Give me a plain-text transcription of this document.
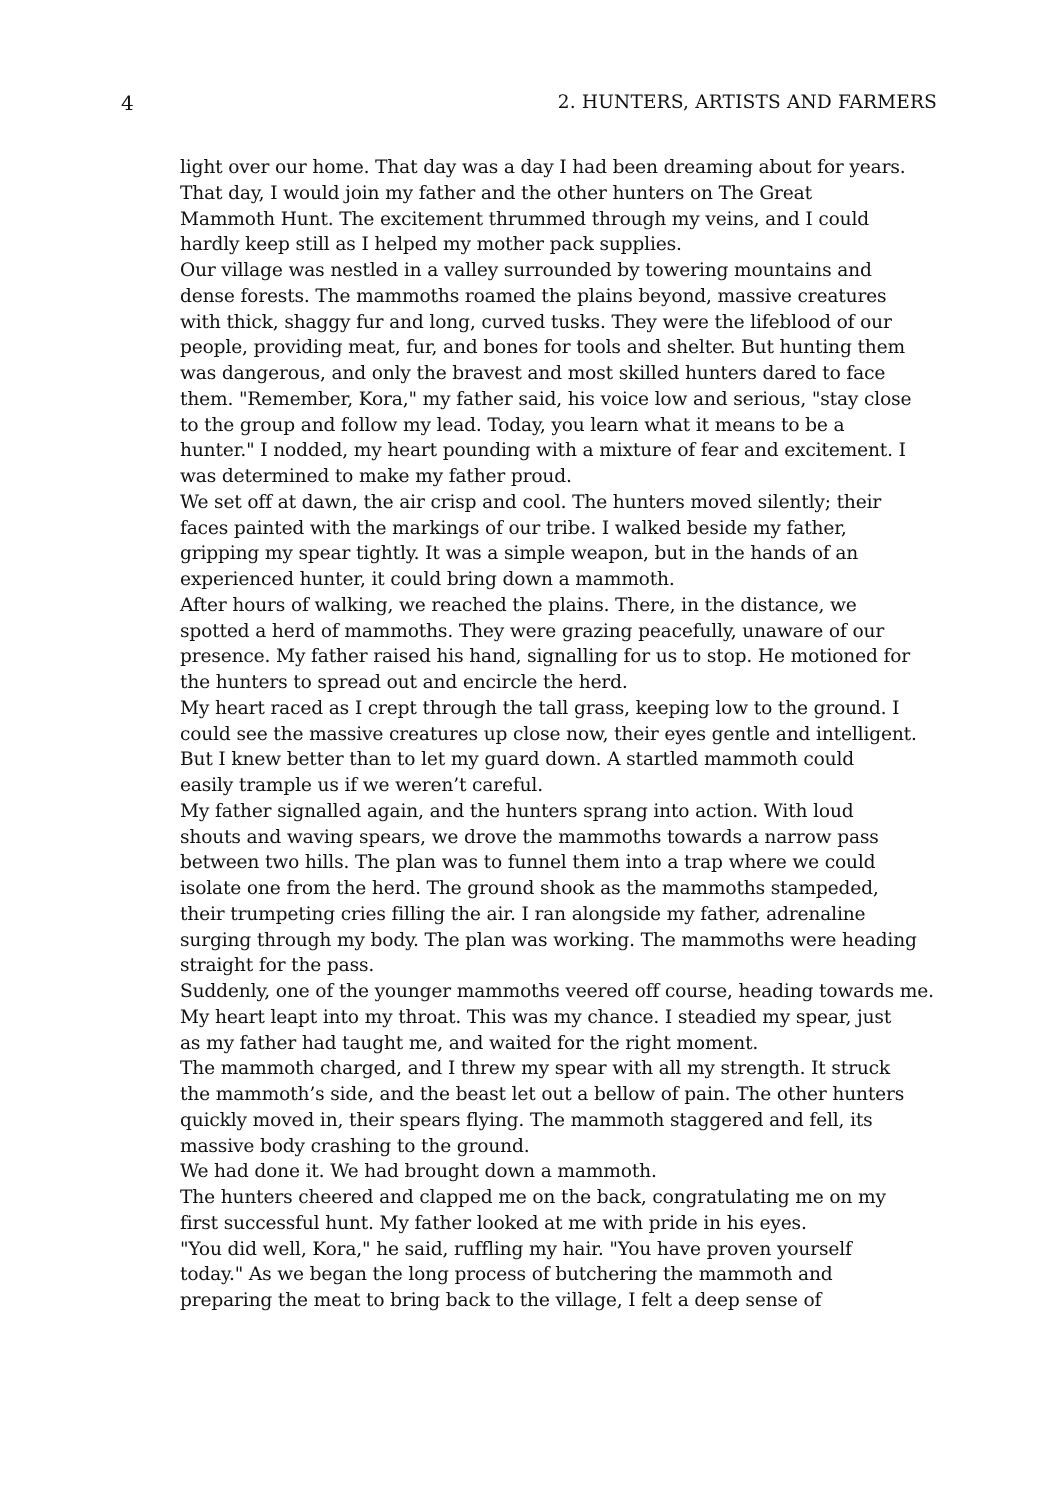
4	2. HUNTERS, ARTISTS AND FARMERS
light over our home. That day was a day I had been dreaming about for years.
That day, I would join my father and the other hunters on The Great
Mammoth Hunt. The excitement thrummed through my veins, and I could
hardly keep still as I helped my mother pack supplies.
Our village was nestled in a valley surrounded by towering mountains and
dense forests. The mammoths roamed the plains beyond, massive creatures
with thick, shaggy fur and long, curved tusks. They were the lifeblood of our
people, providing meat, fur, and bones for tools and shelter. But hunting them
was dangerous, and only the bravest and most skilled hunters dared to face
them. "Remember, Kora," my father said, his voice low and serious, "stay close
to the group and follow my lead. Today, you learn what it means to be a
hunter." I nodded, my heart pounding with a mixture of fear and excitement. I
was determined to make my father proud.
We set off at dawn, the air crisp and cool. The hunters moved silently; their
faces painted with the markings of our tribe. I walked beside my father,
gripping my spear tightly. It was a simple weapon, but in the hands of an
experienced hunter, it could bring down a mammoth.
After hours of walking, we reached the plains. There, in the distance, we
spotted a herd of mammoths. They were grazing peacefully, unaware of our
presence. My father raised his hand, signalling for us to stop. He motioned for
the hunters to spread out and encircle the herd.
My heart raced as I crept through the tall grass, keeping low to the ground. I
could see the massive creatures up close now, their eyes gentle and intelligent.
But I knew better than to let my guard down. A startled mammoth could
easily trample us if we weren’t careful.
My father signalled again, and the hunters sprang into action. With loud
shouts and waving spears, we drove the mammoths towards a narrow pass
between two hills. The plan was to funnel them into a trap where we could
isolate one from the herd. The ground shook as the mammoths stampeded,
their trumpeting cries filling the air. I ran alongside my father, adrenaline
surging through my body. The plan was working. The mammoths were heading
straight for the pass.
Suddenly, one of the younger mammoths veered off course, heading towards me.
My heart leapt into my throat. This was my chance. I steadied my spear, just
as my father had taught me, and waited for the right moment.
The mammoth charged, and I threw my spear with all my strength. It struck
the mammoth’s side, and the beast let out a bellow of pain. The other hunters
quickly moved in, their spears flying. The mammoth staggered and fell, its
massive body crashing to the ground.
We had done it. We had brought down a mammoth.
The hunters cheered and clapped me on the back, congratulating me on my
first successful hunt. My father looked at me with pride in his eyes.
"You did well, Kora," he said, ruffling my hair. "You have proven yourself
today." As we began the long process of butchering the mammoth and
preparing the meat to bring back to the village, I felt a deep sense of
